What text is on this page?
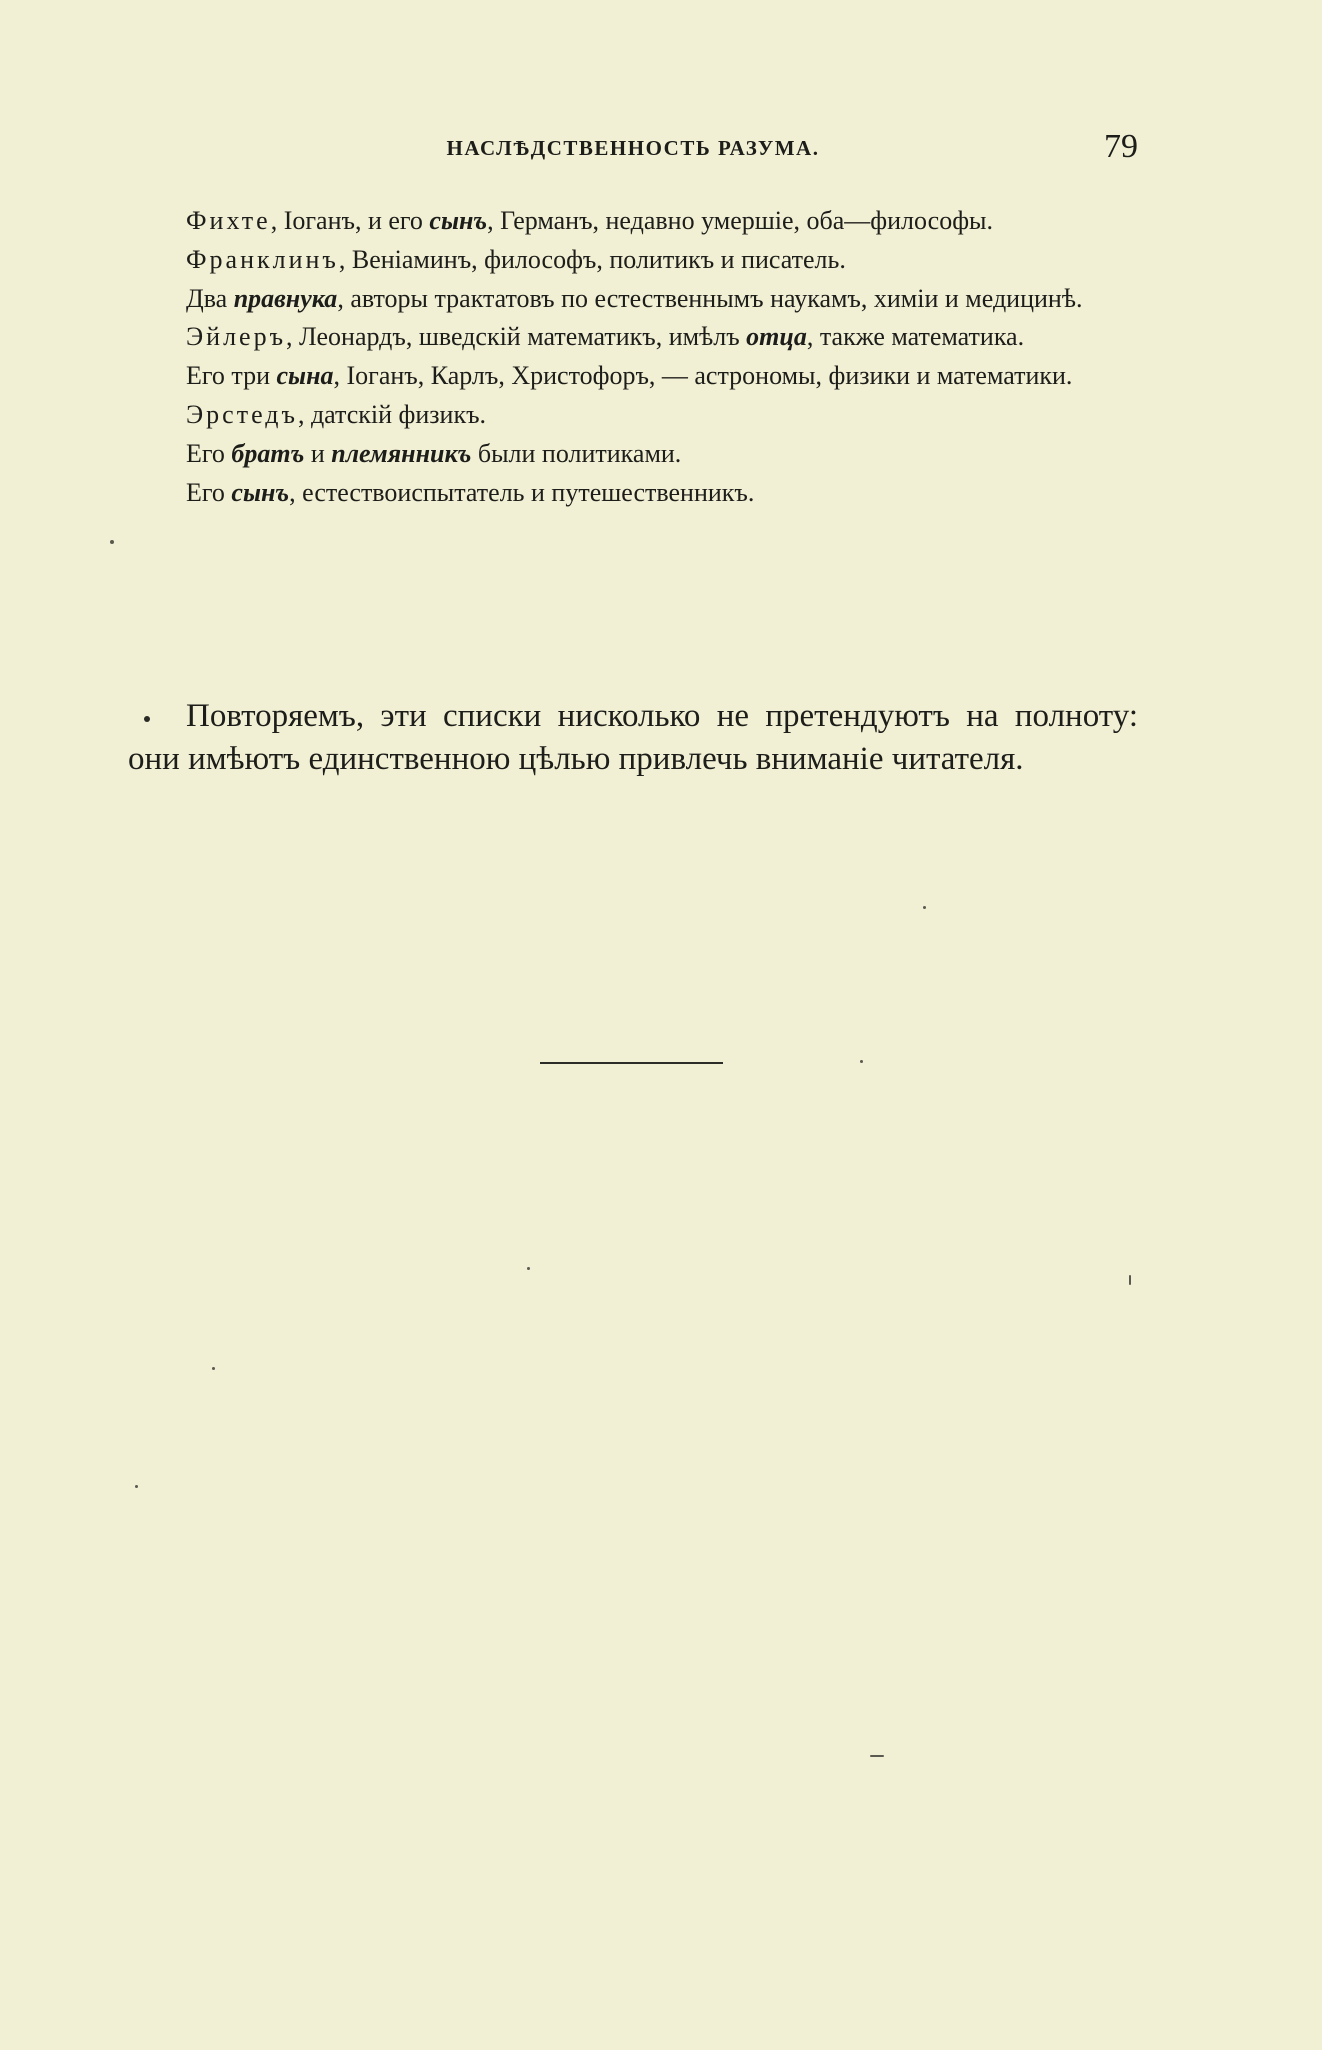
НАСЛѢДСТВЕННОСТЬ РАЗУМА.	79

Фихте, Іоганъ, и его сынъ, Германъ, недавно умершіе, оба—философы.

Франклинъ, Веніаминъ, философъ, политикъ и писатель.

Два правнука, авторы трактатовъ по естественнымъ наукамъ, химіи и медицинѣ.

Эйлеръ, Леонардъ, шведскій математикъ, имѣлъ отца, также математика.

Его три сына, Іоганъ, Карлъ, Христофоръ, — астрономы, физики и математики.

Эрстедъ, датскій физикъ.

Его братъ и племянникъ были политиками.

Его сынъ, естествоиспытатель и путешественникъ.

Повторяемъ, эти списки нисколько не претендуютъ на полноту: они имѣютъ единственною цѣлью привлечь вниманіе читателя.
